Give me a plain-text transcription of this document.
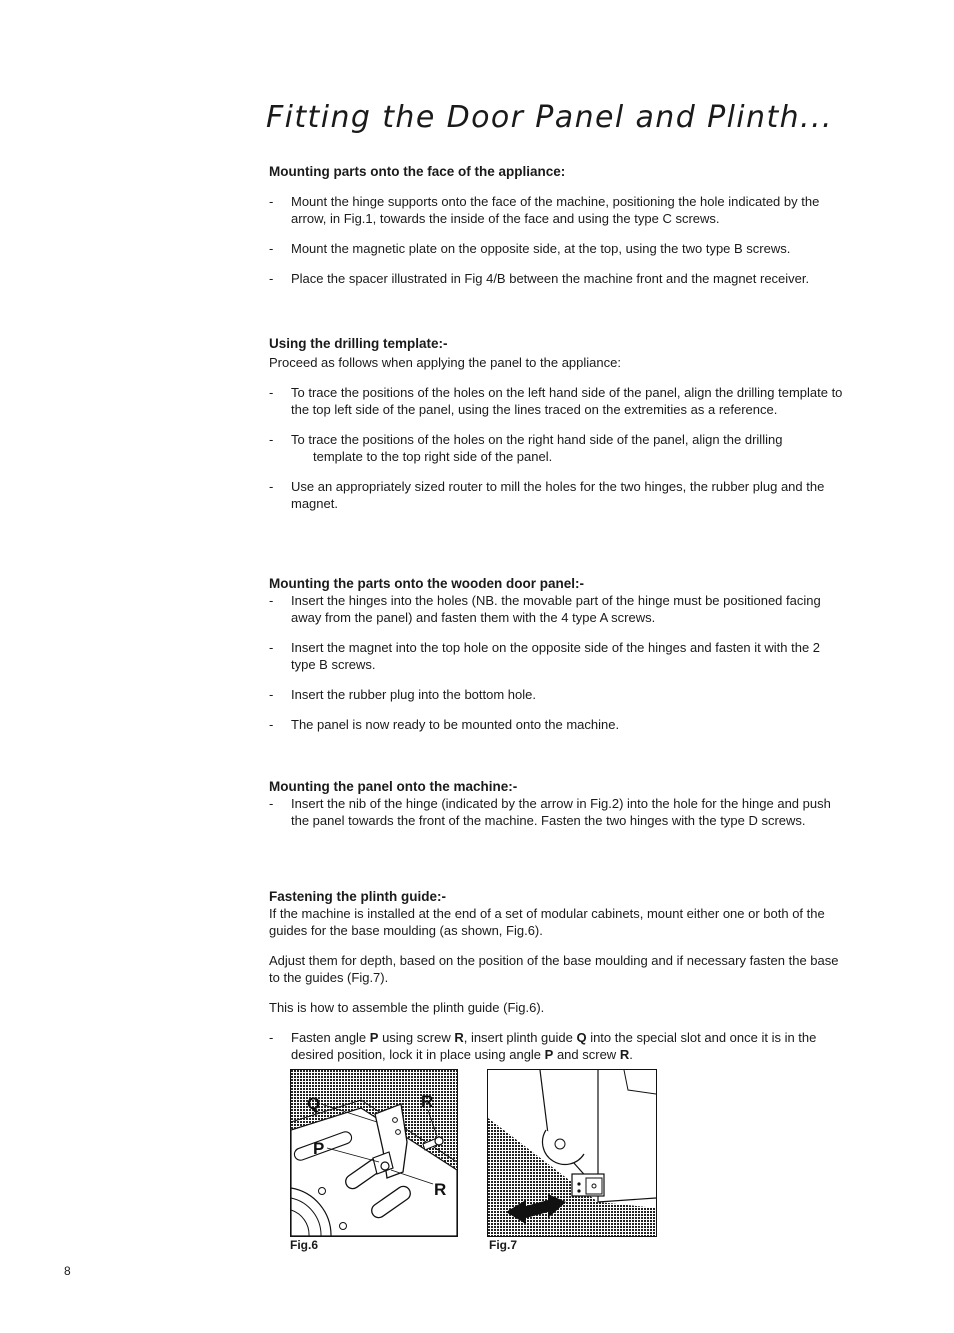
Fitting the Door Panel and Plinth...

Mounting parts onto the face of the appliance:

- Mount the hinge supports onto the face of the machine, positioning the hole indicated by the arrow, in Fig.1, towards the inside of the face and using the type C screws.
- Mount the magnetic plate on the opposite side, at the top, using the two type B screws.
- Place the spacer illustrated in Fig 4/B between the machine front and the magnet receiver.

Using the drilling template:-

Proceed as follows when applying the panel to the appliance:

- To trace the positions of the holes on the left hand side of the panel, align the drilling template to the top left side of the panel, using the lines traced on the extremities as a reference.
- To trace the positions of the holes on the right hand side of the panel, align the drilling
template to the top right side of the panel.
- Use an appropriately sized router to mill the holes for the two hinges, the rubber plug and the magnet.

Mounting the parts onto the wooden door panel:-

- Insert the hinges into the holes (NB. the movable part of the hinge must be positioned facing away from the panel) and fasten them with the 4 type A screws.
- Insert the magnet into the top hole on the opposite side of the hinges and fasten it with the 2 type B screws.
- Insert the rubber plug into the bottom hole.
- The panel is now ready to be mounted onto the machine.

Mounting the panel onto the machine:-

- Insert the nib of the hinge (indicated by the arrow in Fig.2) into the hole for the hinge and push the panel towards the front of the machine. Fasten the two hinges with the type D screws.

Fastening the plinth guide:-

If the machine is installed at the end of a set of modular cabinets, mount either one or both of the guides for the base moulding (as shown, Fig.6).

Adjust them for depth, based on the position of the base moulding and if necessary fasten the base to the guides (Fig.7).

This is how to assemble the plinth guide (Fig.6).

- Fasten angle P using screw R, insert plinth guide Q into the special slot and once it is in the desired position, lock it in place using angle P and screw R.
Q	R
P
R
Fig.6	Fig.7
8
